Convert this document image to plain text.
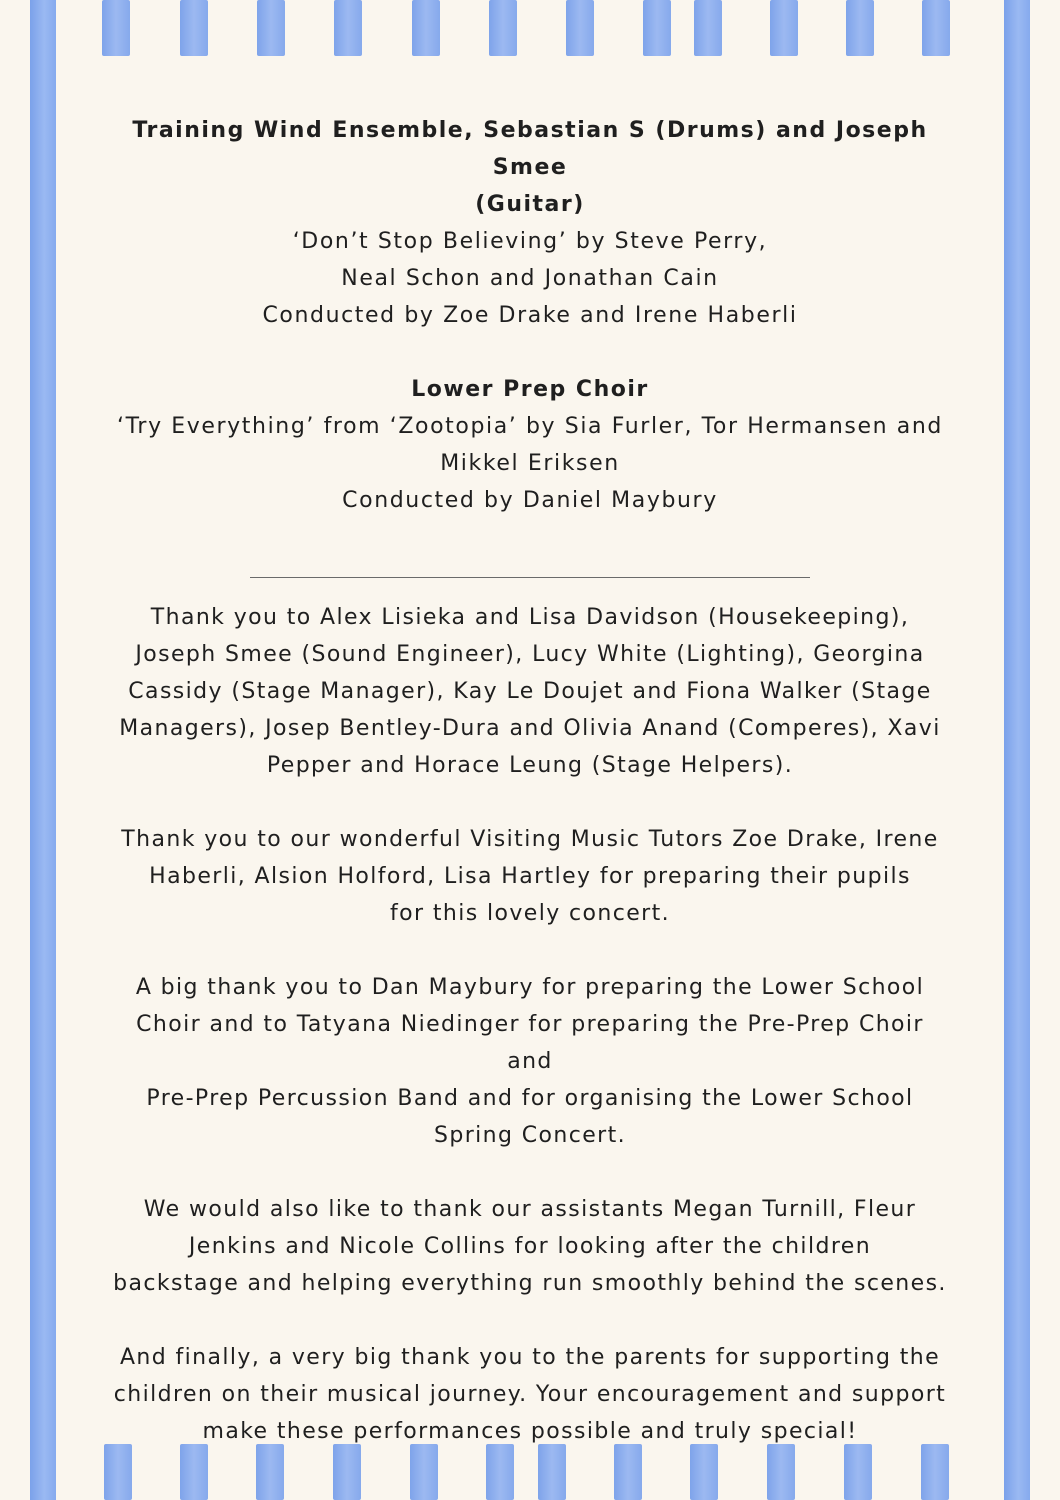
Training Wind Ensemble, Sebastian S (Drums) and Joseph Smee

(Guitar)

‘Don’t Stop Believing’ by Steve Perry,

Neal Schon and Jonathan Cain

Conducted by Zoe Drake and Irene Haberli

Lower Prep Choir

‘Try Everything’ from ‘Zootopia’ by Sia Furler, Tor Hermansen and

Mikkel Eriksen

Conducted by Daniel Maybury

Thank you to Alex Lisieka and Lisa Davidson (Housekeeping),

Joseph Smee (Sound Engineer), Lucy White (Lighting), Georgina

Cassidy (Stage Manager), Kay Le Doujet and Fiona Walker (Stage

Managers), Josep Bentley-Dura and Olivia Anand (Comperes), Xavi

Pepper and Horace Leung (Stage Helpers).

Thank you to our wonderful Visiting Music Tutors Zoe Drake, Irene

Haberli, Alsion Holford, Lisa Hartley for preparing their pupils

for this lovely concert.

A big thank you to Dan Maybury for preparing the Lower School

Choir and to Tatyana Niedinger for preparing the Pre-Prep Choir

and

Pre-Prep Percussion Band and for organising the Lower School

Spring Concert.

We would also like to thank our assistants Megan Turnill, Fleur

Jenkins and Nicole Collins for looking after the children

backstage and helping everything run smoothly behind the scenes.

And finally, a very big thank you to the parents for supporting the

children on their musical journey. Your encouragement and support

make these performances possible and truly special!
